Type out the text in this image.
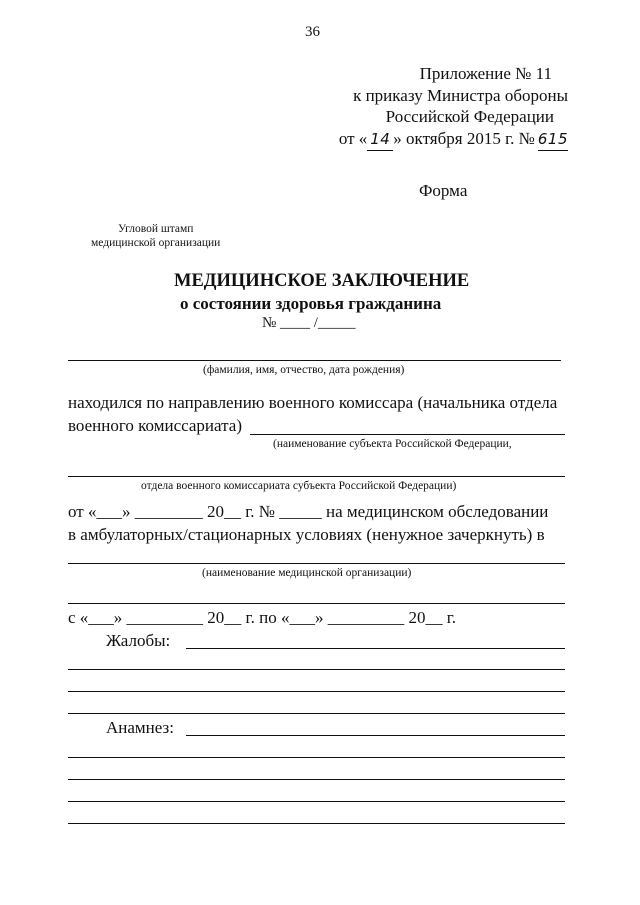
36
Приложение № 11
к приказу Министра обороны
Российской Федерации
от « 14 » октября 2015 г. № 615
Форма
Угловой штамп
медицинской организации
МЕДИЦИНСКОЕ ЗАКЛЮЧЕНИЕ
о состоянии здоровья гражданина
№ ____ /_____
(фамилия, имя, отчество, дата рождения)
находился по направлению военного комиссара (начальника отдела
военного комиссариата)
(наименование субъекта Российской Федерации,
отдела военного комиссариата субъекта Российской Федерации)
от «___» ________ 20__ г. № _____ на медицинском обследовании
в амбулаторных/стационарных условиях (ненужное зачеркнуть) в
(наименование медицинской организации)
с «___» _________ 20__ г. по «___» _________ 20__ г.
Жалобы:
Анамнез:
